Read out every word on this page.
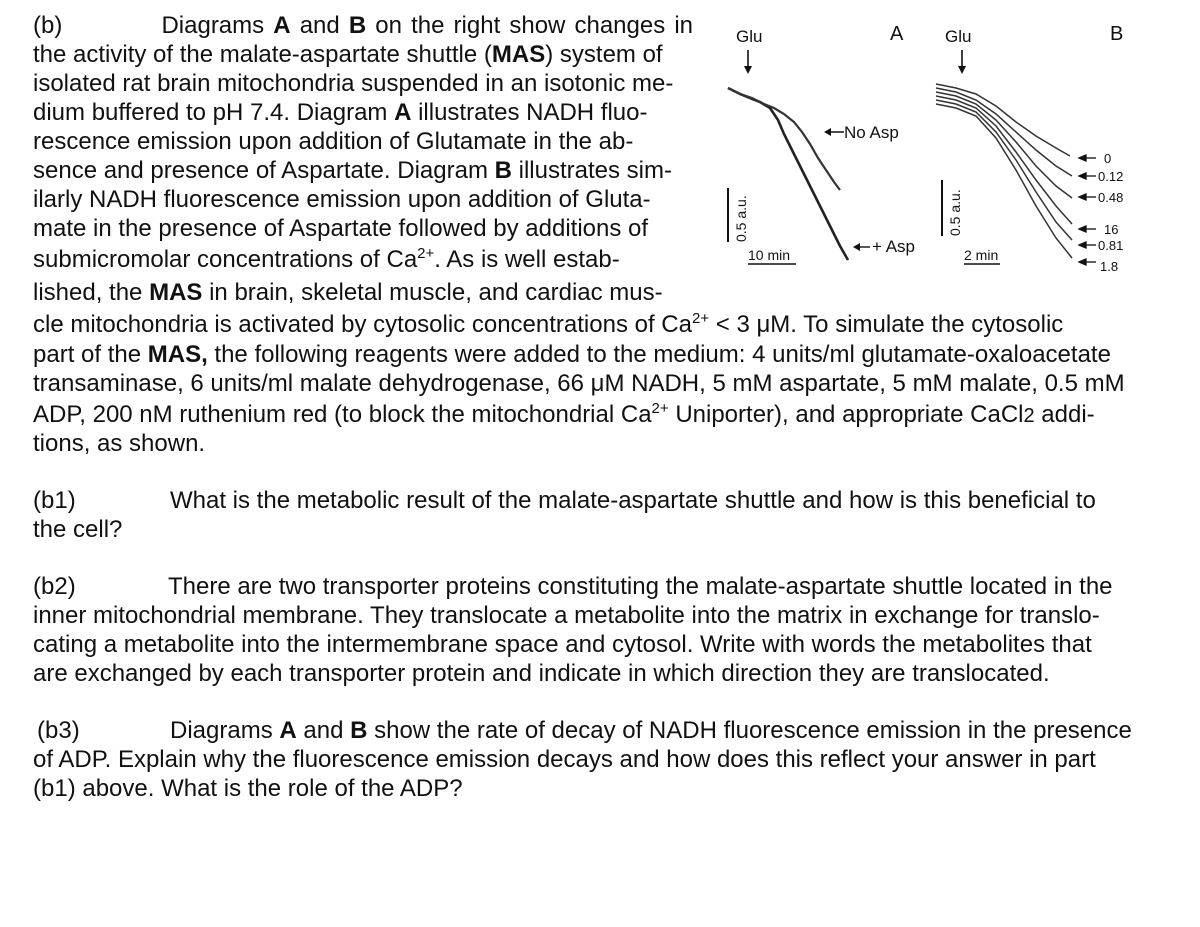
(b)	Diagrams A and B on the right show changes in
the activity of the malate-aspartate shuttle (MAS) system of
isolated rat brain mitochondria suspended in an isotonic me-
dium buffered to pH 7.4. Diagram A illustrates NADH fluo-
rescence emission upon addition of Glutamate in the ab-
sence and presence of Aspartate. Diagram B illustrates sim-
ilarly NADH fluorescence emission upon addition of Gluta-
mate in the presence of Aspartate followed by additions of
submicromolar concentrations of $Ca^{2+}$. As is well estab-
lished, the MAS in brain, skeletal muscle, and cardiac mus-
cle mitochondria is activated by cytosolic concentrations of $Ca^{2+} < 3$ μM. To simulate the cytosolic
part of the MAS, the following reagents were added to the medium: 4 units/ml glutamate-oxaloacetate
transaminase, 6 units/ml malate dehydrogenase, 66 μM NADH, 5 mM aspartate, 5 mM malate, 0.5 mM
ADP, 200 nM ruthenium red (to block the mitochondrial $Ca^{2+}$ Uniporter), and appropriate CaCl2 addi-
tions, as shown.
(b1)	What is the metabolic result of the malate-aspartate shuttle and how is this beneficial to
the cell?
(b2)	There are two transporter proteins constituting the malate-aspartate shuttle located in the
inner mitochondrial membrane. They translocate a metabolite into the matrix in exchange for translo-
cating a metabolite into the intermembrane space and cytosol. Write with words the metabolites that
are exchanged by each transporter protein and indicate in which direction they are translocated.
(b3)	Diagrams A and B show the rate of decay of NADH fluorescence emission in the presence
of ADP. Explain why the fluorescence emission decays and how does this reflect your answer in part
(b1) above. What is the role of the ADP?
A
Glu
No Asp
+ Asp
0.5 a.u.
10 min
B
Glu
0
0.12
0.48
16
0.81
1.8
0.5 a.u.
2 min
